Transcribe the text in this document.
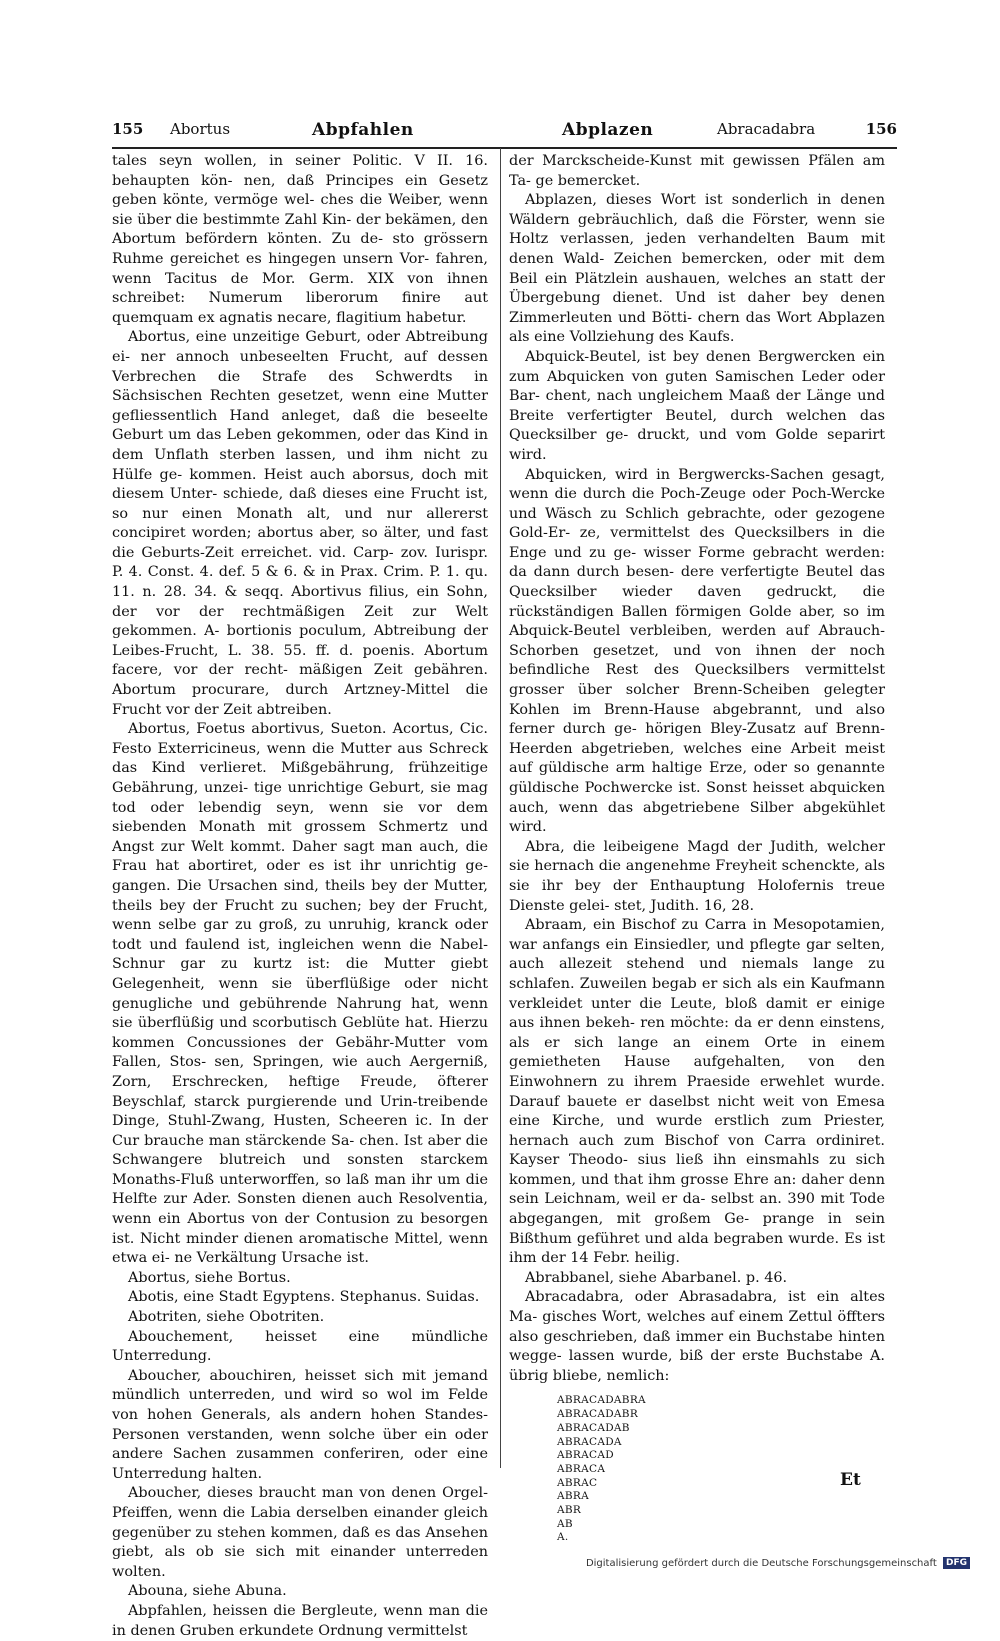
155 Abortus	Abpfahlen	Abplazen	Abracadabra	156

tales seyn wollen, in seiner Politic. V II. 16. behaupten kön- nen, daß Principes ein Gesetz geben könte, vermöge wel- ches die Weiber, wenn sie über die bestimmte Zahl Kin- der bekämen, den Abortum befördern könten. Zu de- sto grössern Ruhme gereichet es hingegen unsern Vor- fahren, wenn Tacitus de Mor. Germ. XIX von ihnen schreibet: Numerum liberorum finire aut quemquam ex agnatis necare, flagitium habetur.

Abortus, eine unzeitige Geburt, oder Abtreibung ei- ner annoch unbeseelten Frucht, auf dessen Verbrechen die Strafe des Schwerdts in Sächsischen Rechten gesetzet, wenn eine Mutter gefliessentlich Hand anleget, daß die beseelte Geburt um das Leben gekommen, oder das Kind in dem Unflath sterben lassen, und ihm nicht zu Hülfe ge- kommen. Heist auch aborsus, doch mit diesem Unter- schiede, daß dieses eine Frucht ist, so nur einen Monath alt, und nur allererst concipiret worden; abortus aber, so älter, und fast die Geburts-Zeit erreichet. vid. Carp- zov. Iurispr. P. 4. Const. 4. def. 5 & 6. & in Prax. Crim. P. 1. qu. 11. n. 28. 34. & seqq. Abortivus filius, ein Sohn, der vor der rechtmäßigen Zeit zur Welt gekommen. A- bortionis poculum, Abtreibung der Leibes-Frucht, L. 38. 55. ff. d. poenis. Abortum facere, vor der recht- mäßigen Zeit gebähren. Abortum procurare, durch Artzney-Mittel die Frucht vor der Zeit abtreiben.

Abortus, Foetus abortivus, Sueton. Acortus, Cic. Festo Exterricineus, wenn die Mutter aus Schreck das Kind verlieret. Mißgebährung, frühzeitige Gebährung, unzei- tige unrichtige Geburt, sie mag tod oder lebendig seyn, wenn sie vor dem siebenden Monath mit grossem Schmertz und Angst zur Welt kommt. Daher sagt man auch, die Frau hat abortiret, oder es ist ihr unrichtig ge- gangen. Die Ursachen sind, theils bey der Mutter, theils bey der Frucht zu suchen; bey der Frucht, wenn selbe gar zu groß, zu unruhig, kranck oder todt und faulend ist, ingleichen wenn die Nabel-Schnur gar zu kurtz ist: die Mutter giebt Gelegenheit, wenn sie überflüßige oder nicht genugliche und gebührende Nahrung hat, wenn sie überflüßig und scorbutisch Geblüte hat. Hierzu kommen Concussiones der Gebähr-Mutter vom Fallen, Stos- sen, Springen, wie auch Aergerniß, Zorn, Erschrecken, heftige Freude, öfterer Beyschlaf, starck purgierende und Urin-treibende Dinge, Stuhl-Zwang, Husten, Scheeren ic. In der Cur brauche man stärckende Sa- chen. Ist aber die Schwangere blutreich und sonsten starckem Monaths-Fluß unterworffen, so laß man ihr um die Helfte zur Ader. Sonsten dienen auch Resolventia, wenn ein Abortus von der Contusion zu besorgen ist. Nicht minder dienen aromatische Mittel, wenn etwa ei- ne Verkältung Ursache ist.

Abortus, siehe Bortus.

Abotis, eine Stadt Egyptens. Stephanus. Suidas.

Abotriten, siehe Obotriten.

Abouchement, heisset eine mündliche Unterredung.

Aboucher, abouchiren, heisset sich mit jemand mündlich unterreden, und wird so wol im Felde von hohen Generals, als andern hohen Standes-Personen verstanden, wenn solche über ein oder andere Sachen zusammen conferiren, oder eine Unterredung halten.

Aboucher, dieses braucht man von denen Orgel- Pfeiffen, wenn die Labia derselben einander gleich gegenüber zu stehen kommen, daß es das Ansehen giebt, als ob sie sich mit einander unterreden wolten.

Abouna, siehe Abuna.

Abpfahlen, heissen die Bergleute, wenn man die in denen Gruben erkundete Ordnung vermittelst

der Marckscheide-Kunst mit gewissen Pfälen am Ta- ge bemercket.

Abplazen, dieses Wort ist sonderlich in denen Wäldern gebräuchlich, daß die Förster, wenn sie Holtz verlassen, jeden verhandelten Baum mit denen Wald- Zeichen bemercken, oder mit dem Beil ein Plätzlein aushauen, welches an statt der Übergebung dienet. Und ist daher bey denen Zimmerleuten und Bötti- chern das Wort Abplazen als eine Vollziehung des Kaufs.

Abquick-Beutel, ist bey denen Bergwercken ein zum Abquicken von guten Samischen Leder oder Bar- chent, nach ungleichem Maaß der Länge und Breite verfertigter Beutel, durch welchen das Quecksilber ge- druckt, und vom Golde separirt wird.

Abquicken, wird in Bergwercks-Sachen gesagt, wenn die durch die Poch-Zeuge oder Poch-Wercke und Wäsch zu Schlich gebrachte, oder gezogene Gold-Er- ze, vermittelst des Quecksilbers in die Enge und zu ge- wisser Forme gebracht werden: da dann durch besen- dere verfertigte Beutel das Quecksilber wieder daven gedruckt, die rückständigen Ballen förmigen Golde aber, so im Abquick-Beutel verbleiben, werden auf Abrauch-Schorben gesetzet, und von ihnen der noch befindliche Rest des Quecksilbers vermittelst grosser über solcher Brenn-Scheiben gelegter Kohlen im Brenn-Hause abgebrannt, und also ferner durch ge- hörigen Bley-Zusatz auf Brenn-Heerden abgetrieben, welches eine Arbeit meist auf güldische arm haltige Erze, oder so genannte güldische Pochwercke ist. Sonst heisset abquicken auch, wenn das abgetriebene Silber abgekühlet wird.

Abra, die leibeigene Magd der Judith, welcher sie hernach die angenehme Freyheit schenckte, als sie ihr bey der Enthauptung Holofernis treue Dienste gelei- stet, Judith. 16, 28.

Abraam, ein Bischof zu Carra in Mesopotamien, war anfangs ein Einsiedler, und pflegte gar selten, auch allezeit stehend und niemals lange zu schlafen. Zuweilen begab er sich als ein Kaufmann verkleidet unter die Leute, bloß damit er einige aus ihnen bekeh- ren möchte: da er denn einstens, als er sich lange an einem Orte in einem gemietheten Hause aufgehalten, von den Einwohnern zu ihrem Praeside erwehlet wurde. Darauf bauete er daselbst nicht weit von Emesa eine Kirche, und wurde erstlich zum Priester, hernach auch zum Bischof von Carra ordiniret. Kayser Theodo- sius ließ ihn einsmahls zu sich kommen, und that ihm grosse Ehre an: daher denn sein Leichnam, weil er da- selbst an. 390 mit Tode abgegangen, mit großem Ge- prange in sein Bißthum geführet und alda begraben wurde. Es ist ihm der 14 Febr. heilig.

Abrabbanel, siehe Abarbanel. p. 46.

Abracadabra, oder Abrasadabra, ist ein altes Ma- gisches Wort, welches auf einem Zettul öffters also geschrieben, daß immer ein Buchstabe hinten wegge- lassen wurde, biß der erste Buchstabe A. übrig bliebe, nemlich:

ABRACADABRA
ABRACADABR
ABRACADAB
ABRACADA
ABRACAD
ABRACA
ABRAC
ABRA
ABR
AB
A.
Et
Digitalisierung gefördert durch die Deutsche Forschungsgemeinschaft DFG
